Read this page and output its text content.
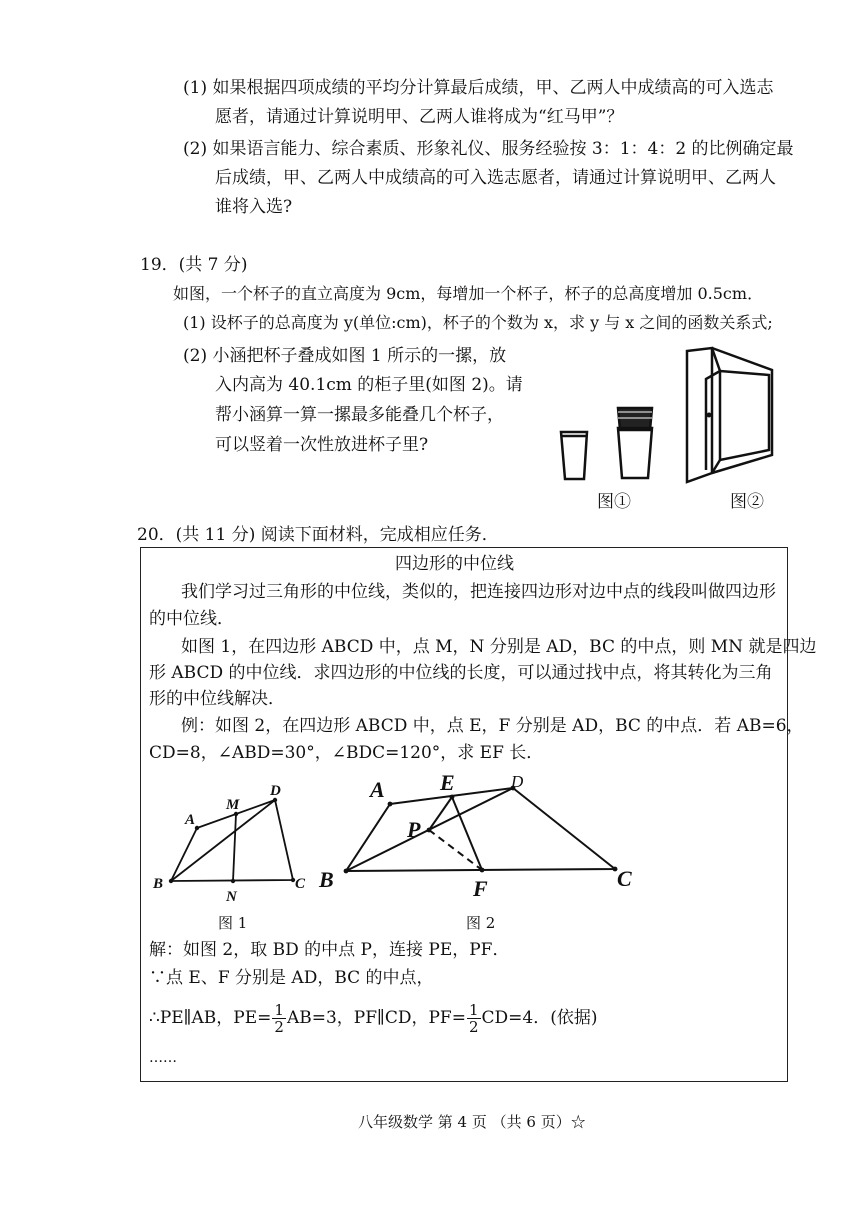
(1) 如果根据四项成绩的平均分计算最后成绩，甲、乙两人中成绩高的可入选志
愿者，请通过计算说明甲、乙两人谁将成为“红马甲”？
(2) 如果语言能力、综合素质、形象礼仪、服务经验按 3：1：4：2 的比例确定最
后成绩，甲、乙两人中成绩高的可入选志愿者，请通过计算说明甲、乙两人
谁将入选?
19．(共 7 分)
如图，一个杯子的直立高度为 9cm，每增加一个杯子，杯子的总高度增加 0.5cm．
(1) 设杯子的总高度为 y(单位:cm)，杯子的个数为 x，求 y 与 x 之间的函数关系式;
(2) 小涵把杯子叠成如图 1 所示的一摞，放
入内高为 40.1cm 的柜子里(如图 2)。请
帮小涵算一算一摞最多能叠几个杯子，
可以竖着一次性放进杯子里?
图①	图②
20．(共 11 分) 阅读下面材料，完成相应任务．
四边形的中位线
我们学习过三角形的中位线，类似的，把连接四边形对边中点的线段叫做四边形
的中位线．
如图 1，在四边形 ABCD 中，点 M，N 分别是 AD，BC 的中点，则 MN 就是四边
形 ABCD 的中位线．求四边形的中位线的长度，可以通过找中点，将其转化为三角
形的中位线解决．
例：如图 2，在四边形 ABCD 中，点 E，F 分别是 AD，BC 的中点．若 AB=6，
CD=8，∠ABD=30°，∠BDC=120°，求 EF 长．
A
M
D
B
N
C
图 1
A	E	D
P
B	F	C
图 2
解：如图 2，取 BD 的中点 P，连接 PE，PF．
∵点 E、F 分别是 AD，BC 的中点，
∴PE∥AB，$PE= \frac{1}{2} AB=3$，PF∥CD，$PF= \frac{1}{2} CD=4$．(依据)
……
八年级数学 第 4 页 （共 6 页）☆
